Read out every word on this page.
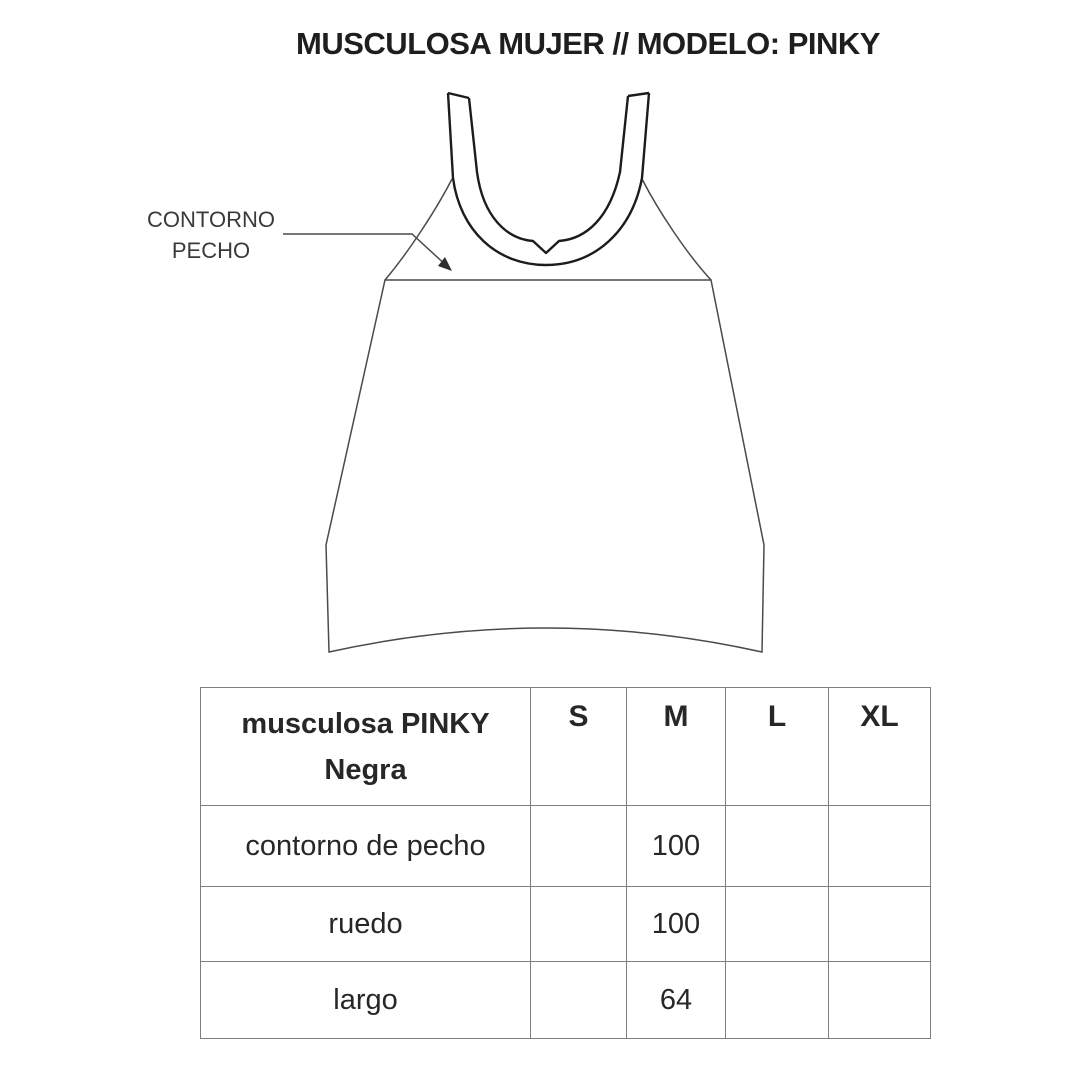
MUSCULOSA MUJER // MODELO: PINKY
CONTORNO
PECHO
musculosa PINKY
Negra	S	M	L	XL
contorno de pecho		100		
ruedo		100		
largo		64		
